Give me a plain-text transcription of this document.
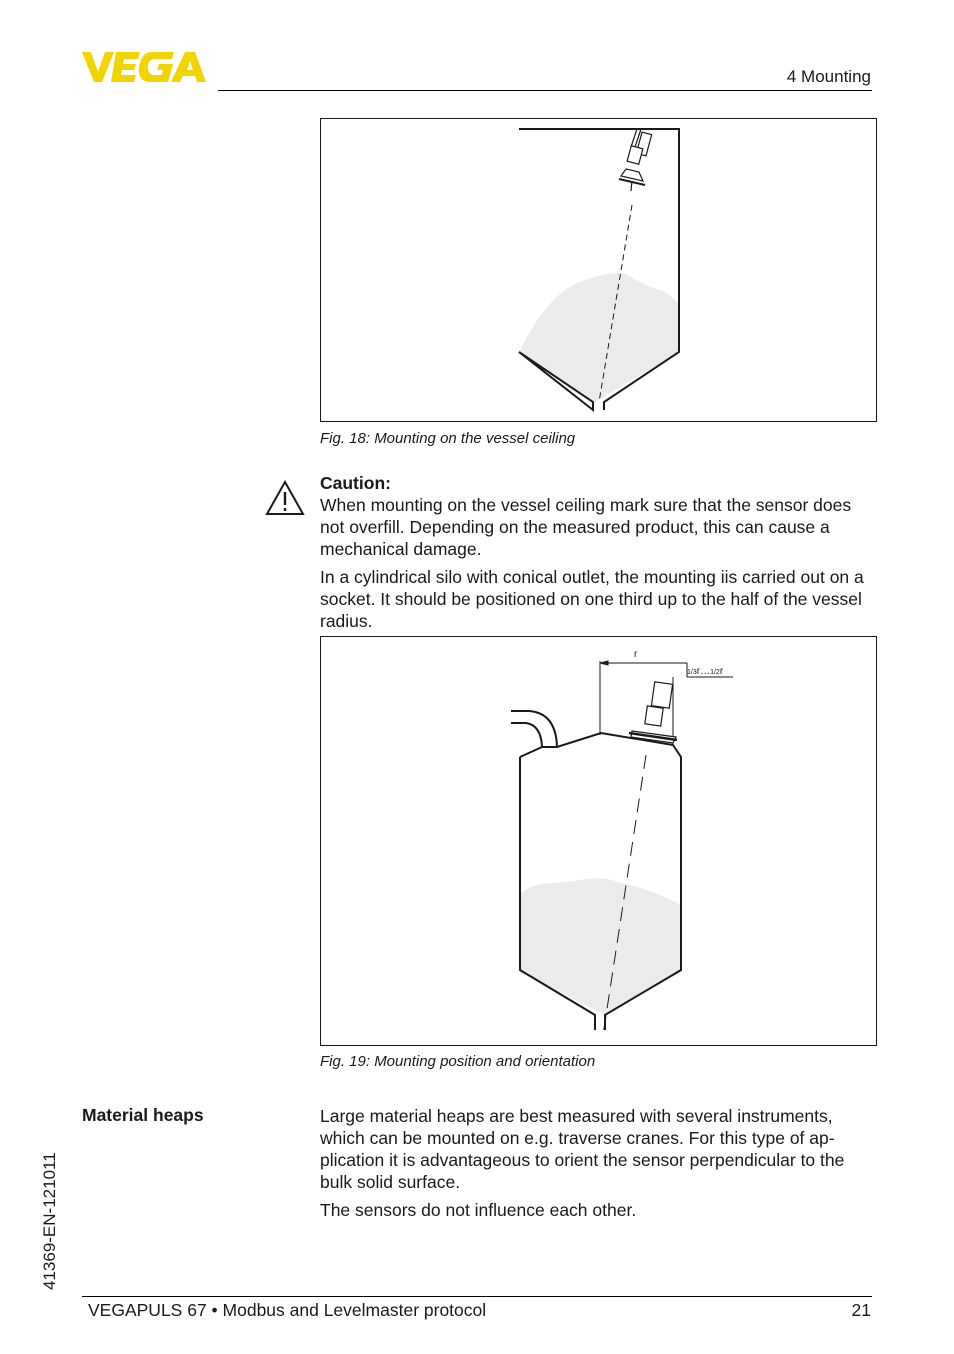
4 Mounting
Fig. 18: Mounting on the vessel ceiling
Caution:

When mounting on the vessel ceiling mark sure that the sensor does not overfill. Depending on the measured product, this can cause a mechanical damage.

In a cylindrical silo with conical outlet, the mounting iis carried out on a socket. It should be positioned on one third up to the half of the vessel radius.

r
1/3r…1/2r
Fig. 19: Mounting position and orientation
Material heaps	Large material heaps are best measured with several instruments, which can be mounted on e.g. traverse cranes. For this type of ap-plication it is advantageous to orient the sensor perpendicular to the bulk solid surface.

The sensors do not influence each other.

41369-EN-121011
VEGAPULS 67 • Modbus and Levelmaster protocol	21
